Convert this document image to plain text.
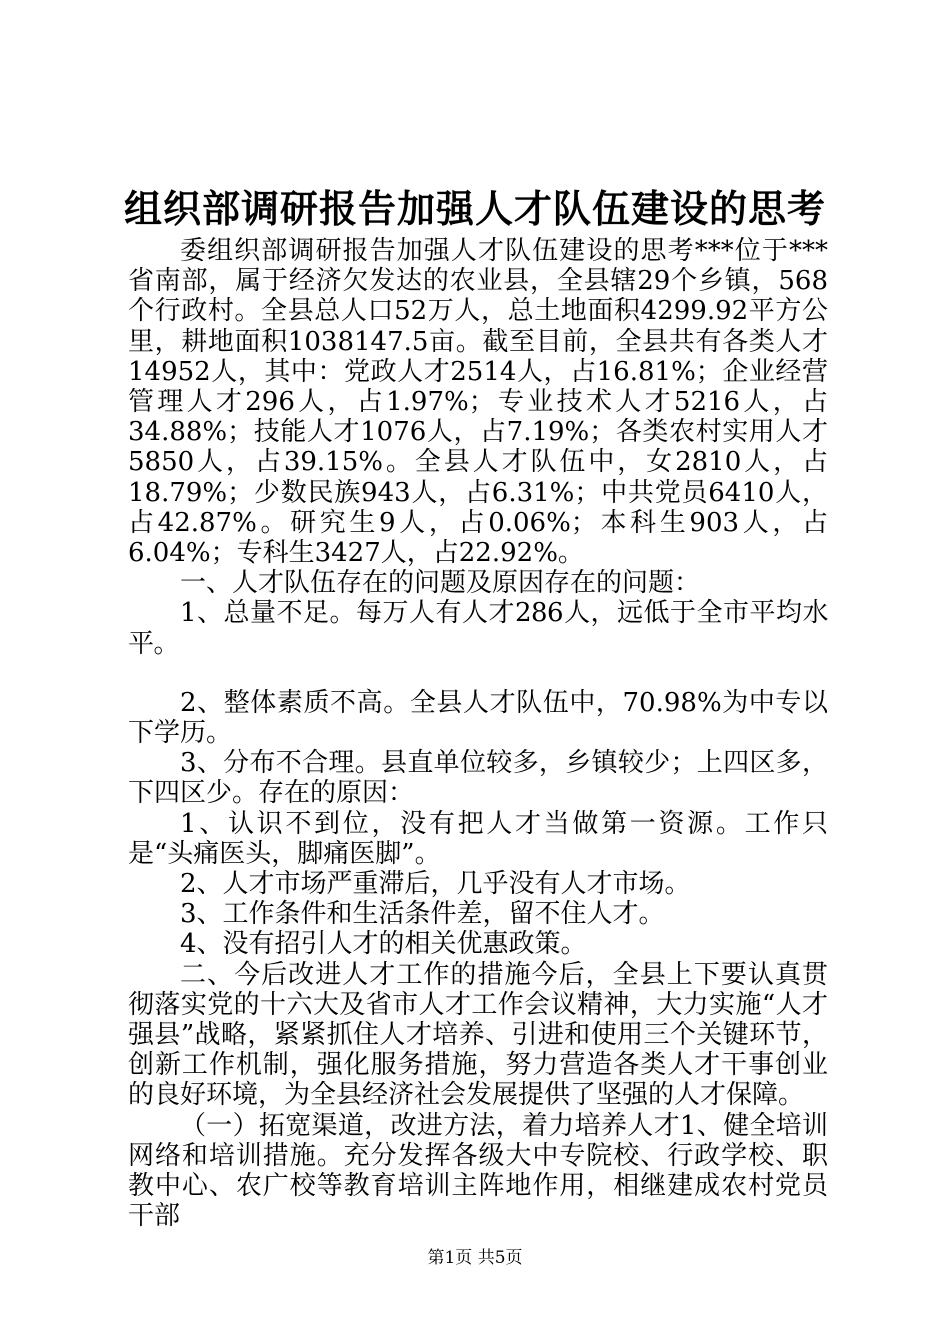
组织部调研报告加强人才队伍建设的思考

委组织部调研报告加强人才队伍建设的思考***位于***省南部，属于经济欠发达的农业县，全县辖29个乡镇，568个行政村。全县总人口52万人，总土地面积4299.92平方公里，耕地面积1038147.5亩。截至目前，全县共有各类人才14952人，其中：党政人才2514人，占16.81%；企业经营管理人才296人，占1.97%；专业技术人才5216人，占34.88%；技能人才1076人，占7.19%；各类农村实用人才5850人，占39.15%。全县人才队伍中，女2810人，占18.79%；少数民族943人，占6.31%；中共党员6410人，占42.87%。研究生9人，占0.06%；本科生903人，占6.04%；专科生3427人，占22.92%。

一、人才队伍存在的问题及原因存在的问题：

1、总量不足。每万人有人才286人，远低于全市平均水平。

2、整体素质不高。全县人才队伍中，70.98%为中专以下学历。

3、分布不合理。县直单位较多，乡镇较少；上四区多，下四区少。存在的原因：

1、认识不到位，没有把人才当做第一资源。工作只是“头痛医头，脚痛医脚”。

2、人才市场严重滞后，几乎没有人才市场。

3、工作条件和生活条件差，留不住人才。

4、没有招引人才的相关优惠政策。

二、今后改进人才工作的措施今后，全县上下要认真贯彻落实党的十六大及省市人才工作会议精神，大力实施“人才强县”战略，紧紧抓住人才培养、引进和使用三个关键环节，创新工作机制，强化服务措施，努力营造各类人才干事创业的良好环境，为全县经济社会发展提供了坚强的人才保障。

（一）拓宽渠道，改进方法，着力培养人才1、健全培训网络和培训措施。充分发挥各级大中专院校、行政学校、职教中心、农广校等教育培训主阵地作用，相继建成农村党员干部

第1页 共5页
